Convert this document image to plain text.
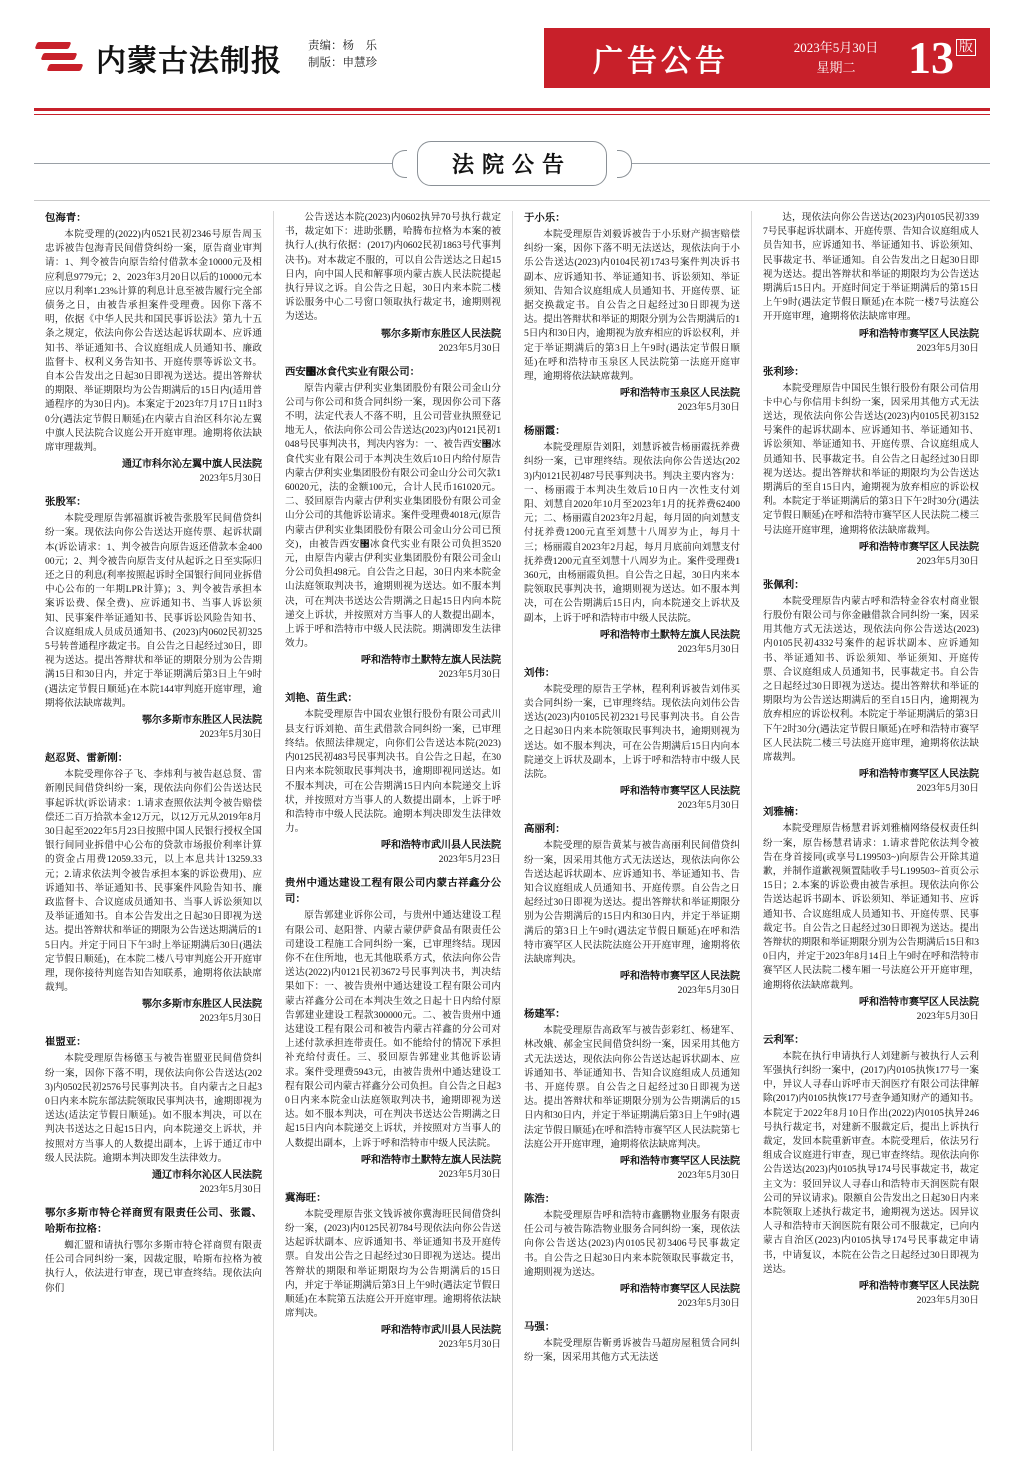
内蒙古法制报 责编：杨　乐
制版：申慧珍	广告公告	2023年5月30日
星期二	13 版
法院公告
包海青：
本院受理的(2022)内0521民初2346号原告周玉忠诉被告包海青民间借贷纠纷一案，原告商业审判请：1、判令被告向原告给付借款本金10000元及相应利息9779元；2、2023年3月20日以后的10000元本应以月利率1.23%计算的利息计息至被告履行完全部债务之日，由被告承担案件受理费。因你下落不明，依据《中华人民共和国民事诉讼法》第九十五条之规定，依法向你公告送达起诉状副本、应诉通知书、举证通知书、合议庭组成人员通知书、廉政监督卡、权利义务告知书、开庭传票等诉讼文书。自本公告发出之日起30日即视为送达。提出答辩状的期限、举证期限均为公告期满后的15日内(适用普通程序的为30日内)。本案定于2023年7月17日11时30分(遇法定节假日顺延)在内蒙古自治区科尔沁左翼中旗人民法院合议庭公开开庭审理。逾期将依法缺席审理裁判。
通辽市科尔沁左翼中旗人民法院
2023年5月30日
张殷军：
本院受理原告郭福旗诉被告张殷军民间借贷纠纷一案。现依法向你公告送达开庭传票、起诉状副本(诉讼请求：1、判令被告向原告返还借款本金40000元；2、判令被告向原告支付从起诉之日至实际归还之日的利息(利率按照起诉时全国银行间同业拆借中心公布的一年期LPR计算)；3、判令被告承担本案诉讼费、保全费)、应诉通知书、当事人诉讼须知、民事案件举证通知书、民事诉讼风险告知书、合议庭组成人员成员通知书、(2023)内0602民初3255号转普通程序裁定书。自公告之日起经过30日，即视为送达。提出答辩状和举证的期限分别为公告期满15日和30日内，并定于举证期满后第3日上午9时(遇法定节假日顺延)在本院144审判庭开庭审理，逾期将依法缺席裁判。
鄂尔多斯市东胜区人民法院
2023年5月30日
赵忍贤、雷新刚：
本院受理你谷子飞、李炜利与被告赵总贤、雷新刚民间借贷纠纷一案，现依法向你们公告送达民事起诉状(诉讼请求：1.请求查照依法判令被告赔偿偿还二百万拾款本金12万元，以12万元从2019年8月30日起至2022年5月23日按照中国人民银行授权全国银行间同业拆借中心公布的贷款市场报价利率计算的资金占用费12059.33元，以上本息共计13259.33元；2.请求依法判令被告承担本案的诉讼费用)、应诉通知书、举证通知书、民事案件风险告知书、廉政监督卡、合议庭成员通知书、当事人诉讼须知以及举证通知书。自本公告发出之日起30日即视为送达。提出答辩状和举证的期限为公告送达期满后的15日内。并定于同日下午3时上举证期满后30日(遇法定节假日顺延)，在本院二楼八号审判庭公开开庭审理，现你接待判庭告知告知联系，逾期将依法缺席裁判。
鄂尔多斯市东胜区人民法院
2023年5月30日
崔盟亚：
本院受理原告杨德玉与被告崔盟亚民间借贷纠纷一案，因你下落不明，现依法向你公告送达(2023)内0502民初2576号民事判决书。自内蒙古之日起30日内来本院东部法院领取民事判决书，逾期即视为送达(适法定节假日顺延)。如不服本判决，可以在判决书送达之日起15日内，向本院递交上诉状，并按照对方当事人的人数提出副本，上诉于通辽市中级人民法院。逾期本判决即发生法律效力。
通辽市科尔沁区人民法院
2023年5月30日
鄂尔多斯市特仑祥商贸有限责任公司、张霞、哈斯布拉格：
蜘汇盟和请执行鄂尔多斯市特仑祥商贸有限责任公司合同纠纷一案，因裁定服，哈斯布拉格为被执行人，依法进行审查，现已审查终结。现依法向你们
公告送达本院(2023)内0602执异70号执行裁定书，裁定如下：进助张鹏，哈腾布拉格为本案的被执行人(执行依据：(2017)内0602民初1863号代事判决书)。对本裁定不服的，可以自公告送达之日起15日内，向中国人民和解事项内蒙古族人民法院提起执行异议之诉。自公告之日起，30日内来本院二楼诉讼服务中心二号窗口领取执行裁定书，逾期则视为送达。
鄂尔多斯市东胜区人民法院
2023年5月30日
西安঳冰食代实业有限公司：
原告内蒙古伊利实业集团股份有限公司金山分公司与你公司和货合同纠纷一案，现因你公司下落不明，法定代表人不落不明，且公司营业执照登记地无人，依法向你公司公告送达(2023)内0121民初1048号民事判决书，判决内容为：一、被告西安঳冰食代实业有限公司于本判决生效后10日内给付原告内蒙古伊利实业集团股份有限公司金山分公司欠款160020元，法的金额100元，合计人民币161020元。二、驳回原告内蒙古伊利实业集团股份有限公司金山分公司的其他诉讼请求。案件受理费4018元(原告内蒙古伊利实业集团股份有限公司金山分公司已预交)，由被告西安঳冰食代实业有限公司负担3520元，由原告内蒙古伊利实业集团股份有限公司金山分公司负担498元。自公告之日起，30日内来本院金山法庭领取判决书，逾期则视为送达。如不服本判决，可在判决书送达公告期满之日起15日内向本院递交上诉状，并按照对方当事人的人数提出副本，上诉于呼和浩特市中级人民法院。期满即发生法律效力。
呼和浩特市土默特左旗人民法院
2023年5月30日
刘艳、苗生武：
本院受理原告中国农业银行股份有限公司武川县支行诉刘艳、苗生武借款合同纠纷一案，已审理终结。依照法律规定，向你们公告送达本院(2023)内0125民初483号民事判决书。自公告之日起，在30日内来本院领取民事判决书，逾期即视同送达。如不服本判决，可在公告期满15日内向本院递交上诉状，并按照对方当事人的人数提出副本，上诉于呼和浩特市中级人民法院。逾期本判决即发生法律效力。
呼和浩特市武川县人民法院
2023年5月23日
贵州中通达建设工程有限公司内蒙古祥鑫分公司：
原告郭建业诉你公司，与贵州中通达建设工程有限公司、赵阳誉、内蒙古蒙伊萨食品有限责任公司建设工程施工合同纠纷一案，已审理终结。现因你不在住所地，也无其他联系方式，依法向你公告送达(2022)内0121民初3672号民事判决书，判决结果如下：一、被告贵州中通达建设工程有限公司内蒙古祥鑫分公司在本判决生效之日起十日内给付原告郭建业建设工程款300000元。二、被告贵州中通达建设工程有限公司和被告内蒙古祥鑫的分公司对上述付款承担连带责任。如不能给付的情况下承担补充给付责任。三、驳回原告郭建业其他诉讼请求。案件受理费5943元，由被告贵州中通达建设工程有限公司内蒙古祥鑫分公司负担。自公告之日起30日内来本院金山法庭领取判决书，逾期即视为送达。如不服本判决，可在判决书送达公告期满之日起15日内向本院递交上诉状，并按照对方当事人的人数提出副本，上诉于呼和浩特市中级人民法院。
呼和浩特市土默特左旗人民法院
2023年5月30日
冀海旺：
本院受理原告张文钱诉被你冀海旺民间借贷纠纷一案，(2023)内0125民初784号现依法向你公告送达起诉状副本、应诉通知书、举证通知书及开庭传票。自发出公告之日起经过30日即视为送达。提出答辩状的期限和举证期限均为公告期满后的15日内，并定于举证期满后第3日上午9时(遇法定节假日顺延)在本院第五法庭公开开庭审理。逾期将依法缺席判决。
呼和浩特市武川县人民法院
2023年5月30日
于小乐：
本院受理原告刘毅诉被告于小乐财产损害赔偿纠纷一案，因你下落不明无法送达，现依法向于小乐公告送达(2023)内0104民初1743号案件判决诉书副本、应诉通知书、举证通知书、诉讼须知、举证须知、告知合议庭组成人员通知书、开庭传票、证据交换裁定书。自公告之日起经过30日即视为送达。提出答辩状和举证的期限分别为公告期满后的15日内和30日内，逾期视为放弃相应的诉讼权利，并定于举证期满后的第3日上午9时(遇法定节假日顺延)在呼和浩特市玉泉区人民法院第一法庭开庭审理，逾期将依法缺席裁判。
呼和浩特市玉泉区人民法院
2023年5月30日
杨丽霞：
本院受理原告刘阳，刘慧诉被告杨丽霞抚养费纠纷一案，已审理终结。现依法向你公告送达(2023)内0121民初487号民事判决书。判决主要内容为：一、杨丽霞于本判决生效后10日内一次性支付刘阳、刘慧自2020年10月至2023年1月的抚养费62400元；二、杨丽霞自2023年2月起，每月固的向刘慧支付抚养费1200元直至刘慧十八周岁为止，每月十三；杨丽霞自2023年2月起，每月月底前向刘慧支付抚养费1200元直至刘慧十八周岁为止。案件受理费1360元，由杨丽霞负担。自公告之日起，30日内来本院领取民事判决书，逾期则视为送达。如不服本判决，可在公告期满后15日内，向本院递交上诉状及副本，上诉于呼和浩特市中级人民法院。
呼和浩特市土默特左旗人民法院
2023年5月30日
刘伟：
本院受理的原告王学林，程利利诉被告刘伟买卖合同纠纷一案，已审理终结。现依法向刘伟公告送达(2023)内0105民初2321号民事判决书。自公告之日起30日内来本院领取民事判决书，逾期则视为送达。如不服本判决，可在公告期满后15日内向本院递交上诉状及副本，上诉于呼和浩特市中级人民法院。
呼和浩特市赛罕区人民法院
2023年5月30日
高丽利：
本院受理的原告黄某与被告高丽利民间借贷纠纷一案，因采用其他方式无法送达，现依法向你公告送达起诉状副本、应诉通知书、举证通知书、告知合议庭组成人员通知书、开庭传票。自公告之日起经过30日即视为送达。提出答辩状和举证期限分别为公告期满后的15日内和30日内，并定于举证期满后的第3日上午9时(遇法定节假日顺延)在呼和浩特市赛罕区人民法院法庭公开开庭审理，逾期将依法缺席判决。
呼和浩特市赛罕区人民法院
2023年5月30日
杨建军：
本院受理原告高政军与被告彭彩红、杨建军、林改娥、郝金宝民间借贷纠纷一案，因采用其他方式无法送达，现依法向你公告送达起诉状副本、应诉通知书、举证通知书、告知合议庭组成人员通知书、开庭传票。自公告之日起经过30日即视为送达。提出答辩状和举证期限分别为公告期满后的15日内和30日内，并定于举证期满后第3日上午9时(遇法定节假日顺延)在呼和浩特市赛罕区人民法院第七法庭公开开庭审理，逾期将依法缺席判决。
呼和浩特市赛罕区人民法院
2023年5月30日
陈浩：
本院受理原告呼和浩特市鑫鹏物业服务有限责任公司与被告陈浩物业服务合同纠纷一案，现依法向你公告送达(2023)内0105民初3406号民事裁定书。自公告之日起30日内来本院领取民事裁定书，逾期则视为送达。
呼和浩特市赛罕区人民法院
2023年5月30日
马强：
本院受理原告靳勇诉被告马超房屋租赁合同纠纷一案，因采用其他方式无法送
达，现依法向你公告送达(2023)内0105民初3397号民事起诉状副本、开庭传票、告知合议庭组成人员告知书，应诉通知书、举证通知书、诉讼须知、民事裁定书、举证通知。自公告发出之日起30日即视为送达。提出答辩状和举证的期限均为公告送达期满后15日内。开庭时间定于举证期满后的第15日上午9时(遇法定节假日顺延)在本院一楼7号法庭公开开庭审理，逾期将依法缺席审理。
呼和浩特市赛罕区人民法院
2023年5月30日
张利珍：
本院受理原告中国民生银行股份有限公司信用卡中心与你信用卡纠纷一案，因采用其他方式无法送达，现依法向你公告送达(2023)内0105民初3152号案件的起诉状副本、应诉通知书、举证通知书、诉讼须知、举证通知书、开庭传票、合议庭组成人员通知书、民事裁定书。自公告之日起经过30日即视为送达。提出答辩状和举证的期限均为公告送达期满后的至自15日内，逾期视为放弃相应的诉讼权利。本院定于举证期满后的第3日下午2时30分(遇法定节假日顺延)在呼和浩特市赛罕区人民法院二楼三号法庭开庭审理，逾期将依法缺席裁判。
呼和浩特市赛罕区人民法院
2023年5月30日
张佩利：
本院受理原告内蒙古呼和浩特金谷农村商业银行股份有限公司与你金融借款合同纠纷一案，因采用其他方式无法送达，现依法向你公告送达(2023)内0105民初4332号案件的起诉状副本、应诉通知书、举证通知书、诉讼须知、举证须知、开庭传票、合议庭组成人员通知书，民事裁定书。自公告之日起经过30日即视为送达。提出答辩状和举证的期限均为公告送达期满后的至自15日内，逾期视为放弃相应的诉讼权利。本院定于举证期满后的第3日下午2时30分(遇法定节假日顺延)在呼和浩特市赛罕区人民法院二楼三号法庭开庭审理，逾期将依法缺席裁判。
呼和浩特市赛罕区人民法院
2023年5月30日
刘雅楠：
本院受理原告杨慧君诉刘雅楠网络侵权责任纠纷一案，原告杨慧君请求：1.请求普陀依法判令被告在身首接同(或享号L199503~)向原告公开除其道歉，并制作道歉视频置陆收手号L199503~首页公示15日；2.本案的诉讼费由被告承担。现依法向你公告送达起诉书副本、诉讼须知、举证通知书、应诉通知书、合议庭组成人员通知书、开庭传票、民事裁定书。自公告之日起经过30日即视为送达。提出答辩状的期限和举证期限分别为公告期满后15日和30日内，并定于2023年8月14日上午9时在呼和浩特市赛罕区人民法院二楼车厢一号法庭公开开庭审理，逾期将依法缺席裁判。
呼和浩特市赛罕区人民法院
2023年5月30日
云利军：
本院在执行申请执行人刘建新与被执行人云利军强执行纠纷一案中，(2017)内0105执恢177号一案中，异议人寻春山诉呼市天润医疗有限公司法律解除(2017)内0105执恢177号查争通知财产的通知书。本院定于2022年8月10日作出(2022)内0105执异246号执行裁定书，对建新不服裁定后，提出上诉执行裁定，发回本院重新审查。本院受理后，依法另行组成合议庭进行审查，现已审查终结。现依法向你公告送达(2023)内0105执导174号民事裁定书，裁定主文为：驳回异议人寻春山和浩特市天润医院有限公司的异议请求)。限额自公告发出之日起30日内来本院领取上述执行裁定书，逾期视为送达。因异议人寻和浩特市天润医院有限公司不服裁定，已向内蒙古自治区(2023)内0105执导174号民事裁定申请书，中请复议，本院在公告之日起经过30日即视为送达。
呼和浩特市赛罕区人民法院
2023年5月30日
